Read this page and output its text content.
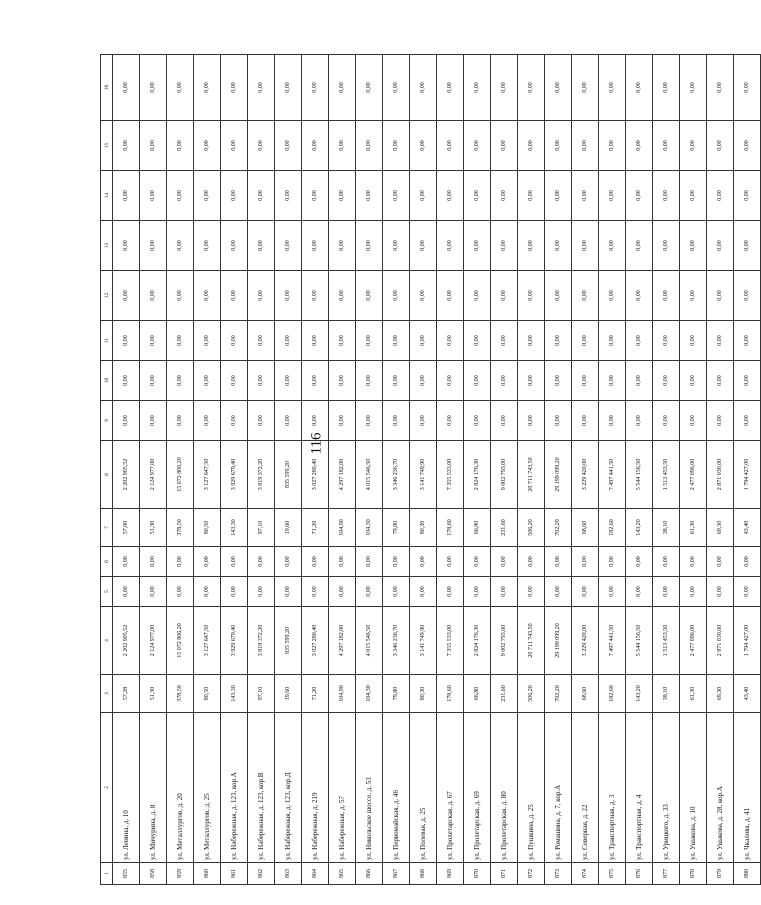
116
1	2	3	4	5	6	7	8	9	10	11	12	13	14	15	16
855	ул. Ленина, д. 10	57,28	2 202 905,52	0,00	0,00	57,00	2 202 905,52	0,00	0,00	0,00	0,00	0,00	0,00	0,00	0,00
858	ул. Мичурина, д. 8	51,30	2 124 977,00	0,00	0,00	51,30	2 124 977,00	0,00	0,00	0,00	0,00	0,00	0,00	0,00	0,00
859	ул. Металлургов, д. 20	378,50	15 072 806,20	0,00	0,00	378,50	15 072 806,20	0,00	0,00	0,00	0,00	0,00	0,00	0,00	0,00
860	ул. Металлургов, д. 25	80,50	3 127 647,50	0,00	0,00	80,50	3 127 647,50	0,00	0,00	0,00	0,00	0,00	0,00	0,00	0,00
861	ул. Набережная, д. 123, кор.А	143,30	3 929 679,40	0,00	0,00	143,30	3 929 679,40	0,00	0,00	0,00	0,00	0,00	0,00	0,00	0,00
862	ул. Набережная, д. 123, кор.В	97,10	3 819 372,20	0,00	0,00	97,10	3 819 372,20	0,00	0,00	0,00	0,00	0,00	0,00	0,00	0,00
863	ул. Набережная, д. 123, кор.Д	19,60	835 599,20	0,00	0,00	19,60	835 599,20	0,00	0,00	0,00	0,00	0,00	0,00	0,00	0,00
864	ул. Набережная, д. 219	71,20	3 027 280,40	0,00	0,00	71,20	3 027 280,40	0,00	0,00	0,00	0,00	0,00	0,00	0,00	0,00
865	ул. Набережная, д. 57	104,90	4 297 182,00	0,00	0,00	104,90	4 297 182,00	0,00	0,00	0,00	0,00	0,00	0,00	0,00	0,00
866	ул. Никольское шоссе, д. 53	104,30	4 015 546,50	0,00	0,00	104,30	4 015 546,50	0,00	0,00	0,00	0,00	0,00	0,00	0,00	0,00
867	ул. Первомайская, д. 46	79,80	3 346 236,70	0,00	0,00	79,80	3 346 236,70	0,00	0,00	0,00	0,00	0,00	0,00	0,00	0,00
868	ул. Полевая, д. 25	80,30	3 141 749,90	0,00	0,00	80,30	3 141 749,90	0,00	0,00	0,00	0,00	0,00	0,00	0,00	0,00
869	ул. Пролетарская, д. 67	178,60	7 355 533,00	0,00	0,00	178,60	7 355 533,00	0,00	0,00	0,00	0,00	0,00	0,00	0,00	0,00
870	ул. Пролетарская, д. 69	66,80	2 824 176,30	0,00	0,00	66,80	2 824 176,30	0,00	0,00	0,00	0,00	0,00	0,00	0,00	0,00
871	ул. Пролетарская, д. 80	231,60	9 002 793,00	0,00	0,00	231,60	9 002 793,00	0,00	0,00	0,00	0,00	0,00	0,00	0,00	0,00
872	ул. Пушкина, д. 25	506,20	20 711 743,50	0,00	0,00	506,20	20 711 743,50	0,00	0,00	0,00	0,00	0,00	0,00	0,00	0,00
873	ул. Ромашина, д. 7, кор.А	702,20	29 199 099,20	0,00	0,00	702,20	29 199 099,20	0,00	0,00	0,00	0,00	0,00	0,00	0,00	0,00
874	ул. Северная, д. 22	68,60	3 229 420,00	0,00	0,00	68,60	3 229 420,00	0,00	0,00	0,00	0,00	0,00	0,00	0,00	0,00
875	ул. Транспортная, д. 3	182,60	7 497 441,50	0,00	0,00	182,60	7 497 441,50	0,00	0,00	0,00	0,00	0,00	0,00	0,00	0,00
876	ул. Транспортная, д. 4	143,20	5 544 156,50	0,00	0,00	143,20	5 544 156,50	0,00	0,00	0,00	0,00	0,00	0,00	0,00	0,00
877	ул. Урицкого, д. 33	38,10	1 513 453,50	0,00	0,00	38,10	1 513 453,50	0,00	0,00	0,00	0,00	0,00	0,00	0,00	0,00
878	ул. Ушакова, д. 10	61,30	2 477 096,00	0,00	0,00	61,30	2 477 096,00	0,00	0,00	0,00	0,00	0,00	0,00	0,00	0,00
879	ул. Ушакова, д. 28, кор.А	69,30	2 871 030,00	0,00	0,00	69,30	2 871 030,00	0,00	0,00	0,00	0,00	0,00	0,00	0,00	0,00
880	ул. Чкалова, д. 41	43,40	1 794 427,00	0,00	0,00	43,40	1 794 427,00	0,00	0,00	0,00	0,00	0,00	0,00	0,00	0,00
